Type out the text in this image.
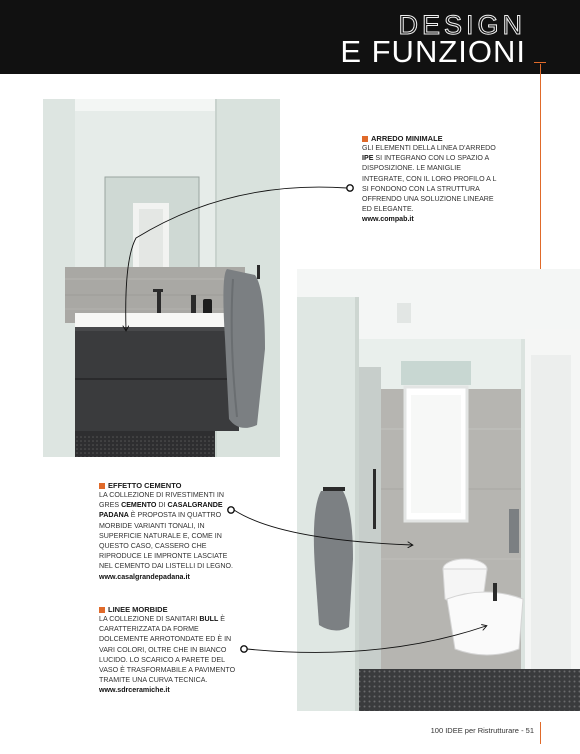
DESIGN
E FUNZIONI

ARREDO MINIMALE

GLI ELEMENTI DELLA LINEA D'ARREDO IPE SI INTEGRANO CON LO SPAZIO A DISPOSIZIONE. LE MANIGLIE INTEGRATE, CON IL LORO PROFILO A L SI FONDONO CON LA STRUTTURA OFFRENDO UNA SOLUZIONE LINEARE ED ELEGANTE.

www.compab.it

EFFETTO CEMENTO

LA COLLEZIONE DI RIVESTIMENTI IN GRES CEMENTO DI CASALGRANDE PADANA È PROPOSTA IN QUATTRO MORBIDE VARIANTI TONALI, IN SUPERFICIE NATURALE E, COME IN QUESTO CASO, CASSERO CHE RIPRODUCE LE IMPRONTE LASCIATE NEL CEMENTO DAI LISTELLI DI LEGNO.

www.casalgrandepadana.it

LINEE MORBIDE

LA COLLEZIONE DI SANITARI BULL È CARATTERIZZATA DA FORME DOLCEMENTE ARROTONDATE ED È IN VARI COLORI, OLTRE CHE IN BIANCO LUCIDO. LO SCARICO A PARETE DEL VASO È TRASFORMABILE A PAVIMENTO TRAMITE UNA CURVA TECNICA.

www.sdrceramiche.it

100 IDEE per Ristrutturare - 51
